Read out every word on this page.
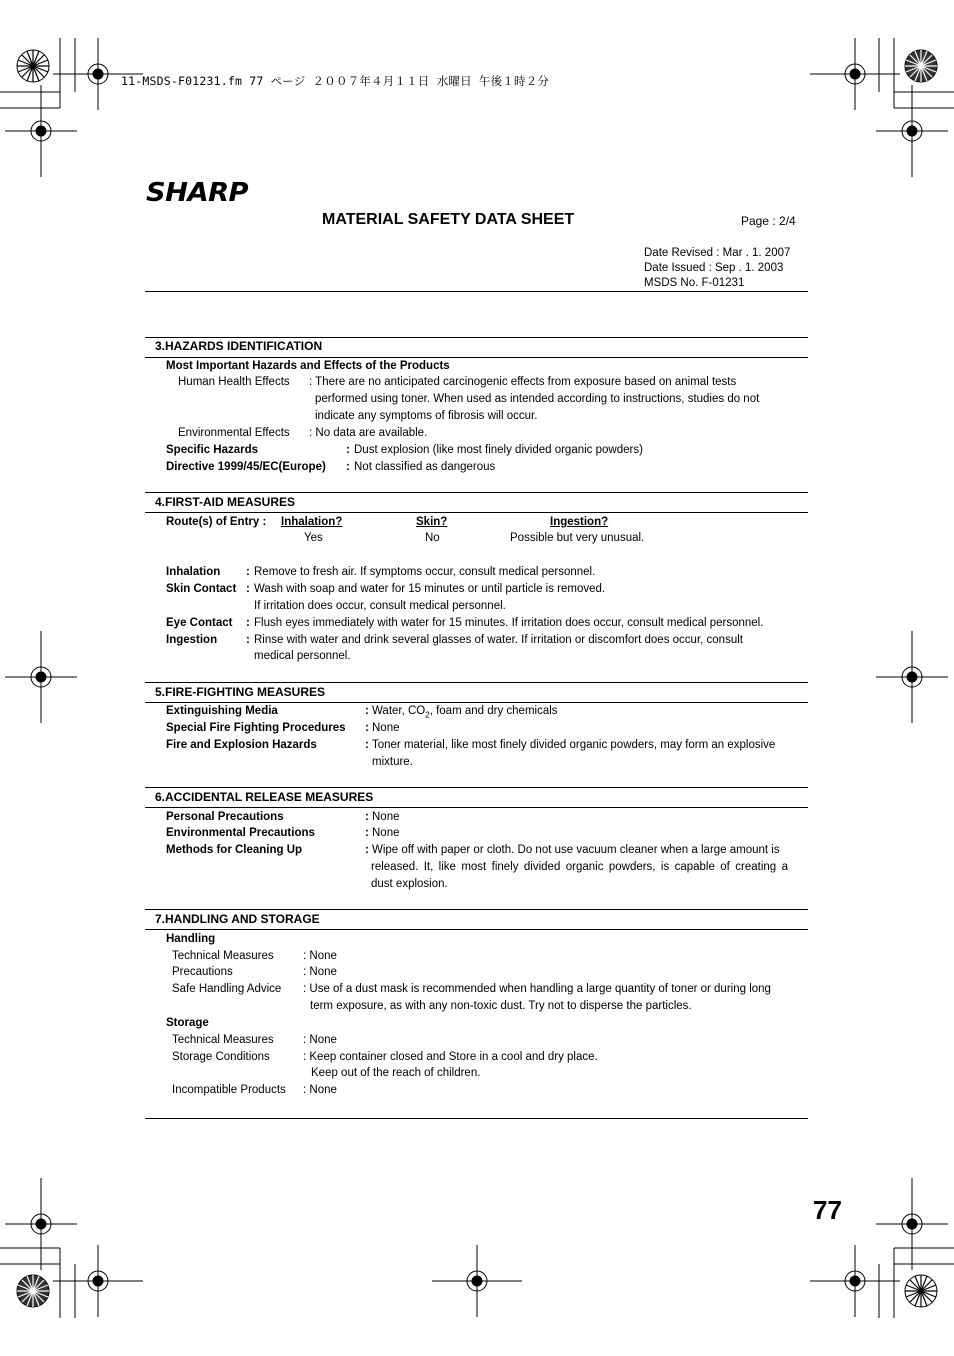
11-MSDS-F01231.fm 77 ページ ２００７年４月１１日 水曜日 午後１時２分
SHARP
MATERIAL SAFETY DATA SHEET	Page : 2/4
Date Revised : Mar . 1. 2007
Date Issued : Sep . 1. 2003
MSDS No. F-01231
3.HAZARDS IDENTIFICATION
Most Important Hazards and Effects of the Products
Human Health Effects : There are no anticipated carcinogenic effects from exposure based on animal tests
performed using toner. When used as intended according to instructions, studies do not
indicate any symptoms of fibrosis will occur.
Environmental Effects : No data are available.
Specific Hazards	: Dust explosion (like most finely divided organic powders)
Directive 1999/45/EC(Europe) : Not classified as dangerous
4.FIRST-AID MEASURES
Route(s) of Entry : Inhalation?	Skin?	Ingestion?
Yes	No	Possible but very unusual.
Inhalation : Remove to fresh air. If symptoms occur, consult medical personnel.
Skin Contact : Wash with soap and water for 15 minutes or until particle is removed.
If irritation does occur, consult medical personnel.
Eye Contact : Flush eyes immediately with water for 15 minutes. If irritation does occur, consult medical personnel.
Ingestion	: Rinse with water and drink several glasses of water. If irritation or discomfort does occur, consult
medical personnel.
5.FIRE-FIGHTING MEASURES
Extinguishing Media	: Water, $CO_2$, foam and dry chemicals
Special Fire Fighting Procedures : None
Fire and Explosion Hazards	: Toner material, like most finely divided organic powders, may form an explosive
mixture.
6.ACCIDENTAL RELEASE MEASURES
Personal Precautions	: None
Environmental Precautions	: None
Methods for Cleaning Up	: Wipe off with paper or cloth. Do not use vacuum cleaner when a large amount is
released. It, like most finely divided organic powders, is capable of creating a
dust explosion.
7.HANDLING AND STORAGE
Handling
Technical Measures	: None
Precautions	: None
Safe Handling Advice : Use of a dust mask is recommended when handling a large quantity of toner or during long
term exposure, as with any non-toxic dust. Try not to disperse the particles.
Storage
Technical Measures	: None
Storage Conditions	: Keep container closed and Store in a cool and dry place.
Keep out of the reach of children.
Incompatible Products : None
77
